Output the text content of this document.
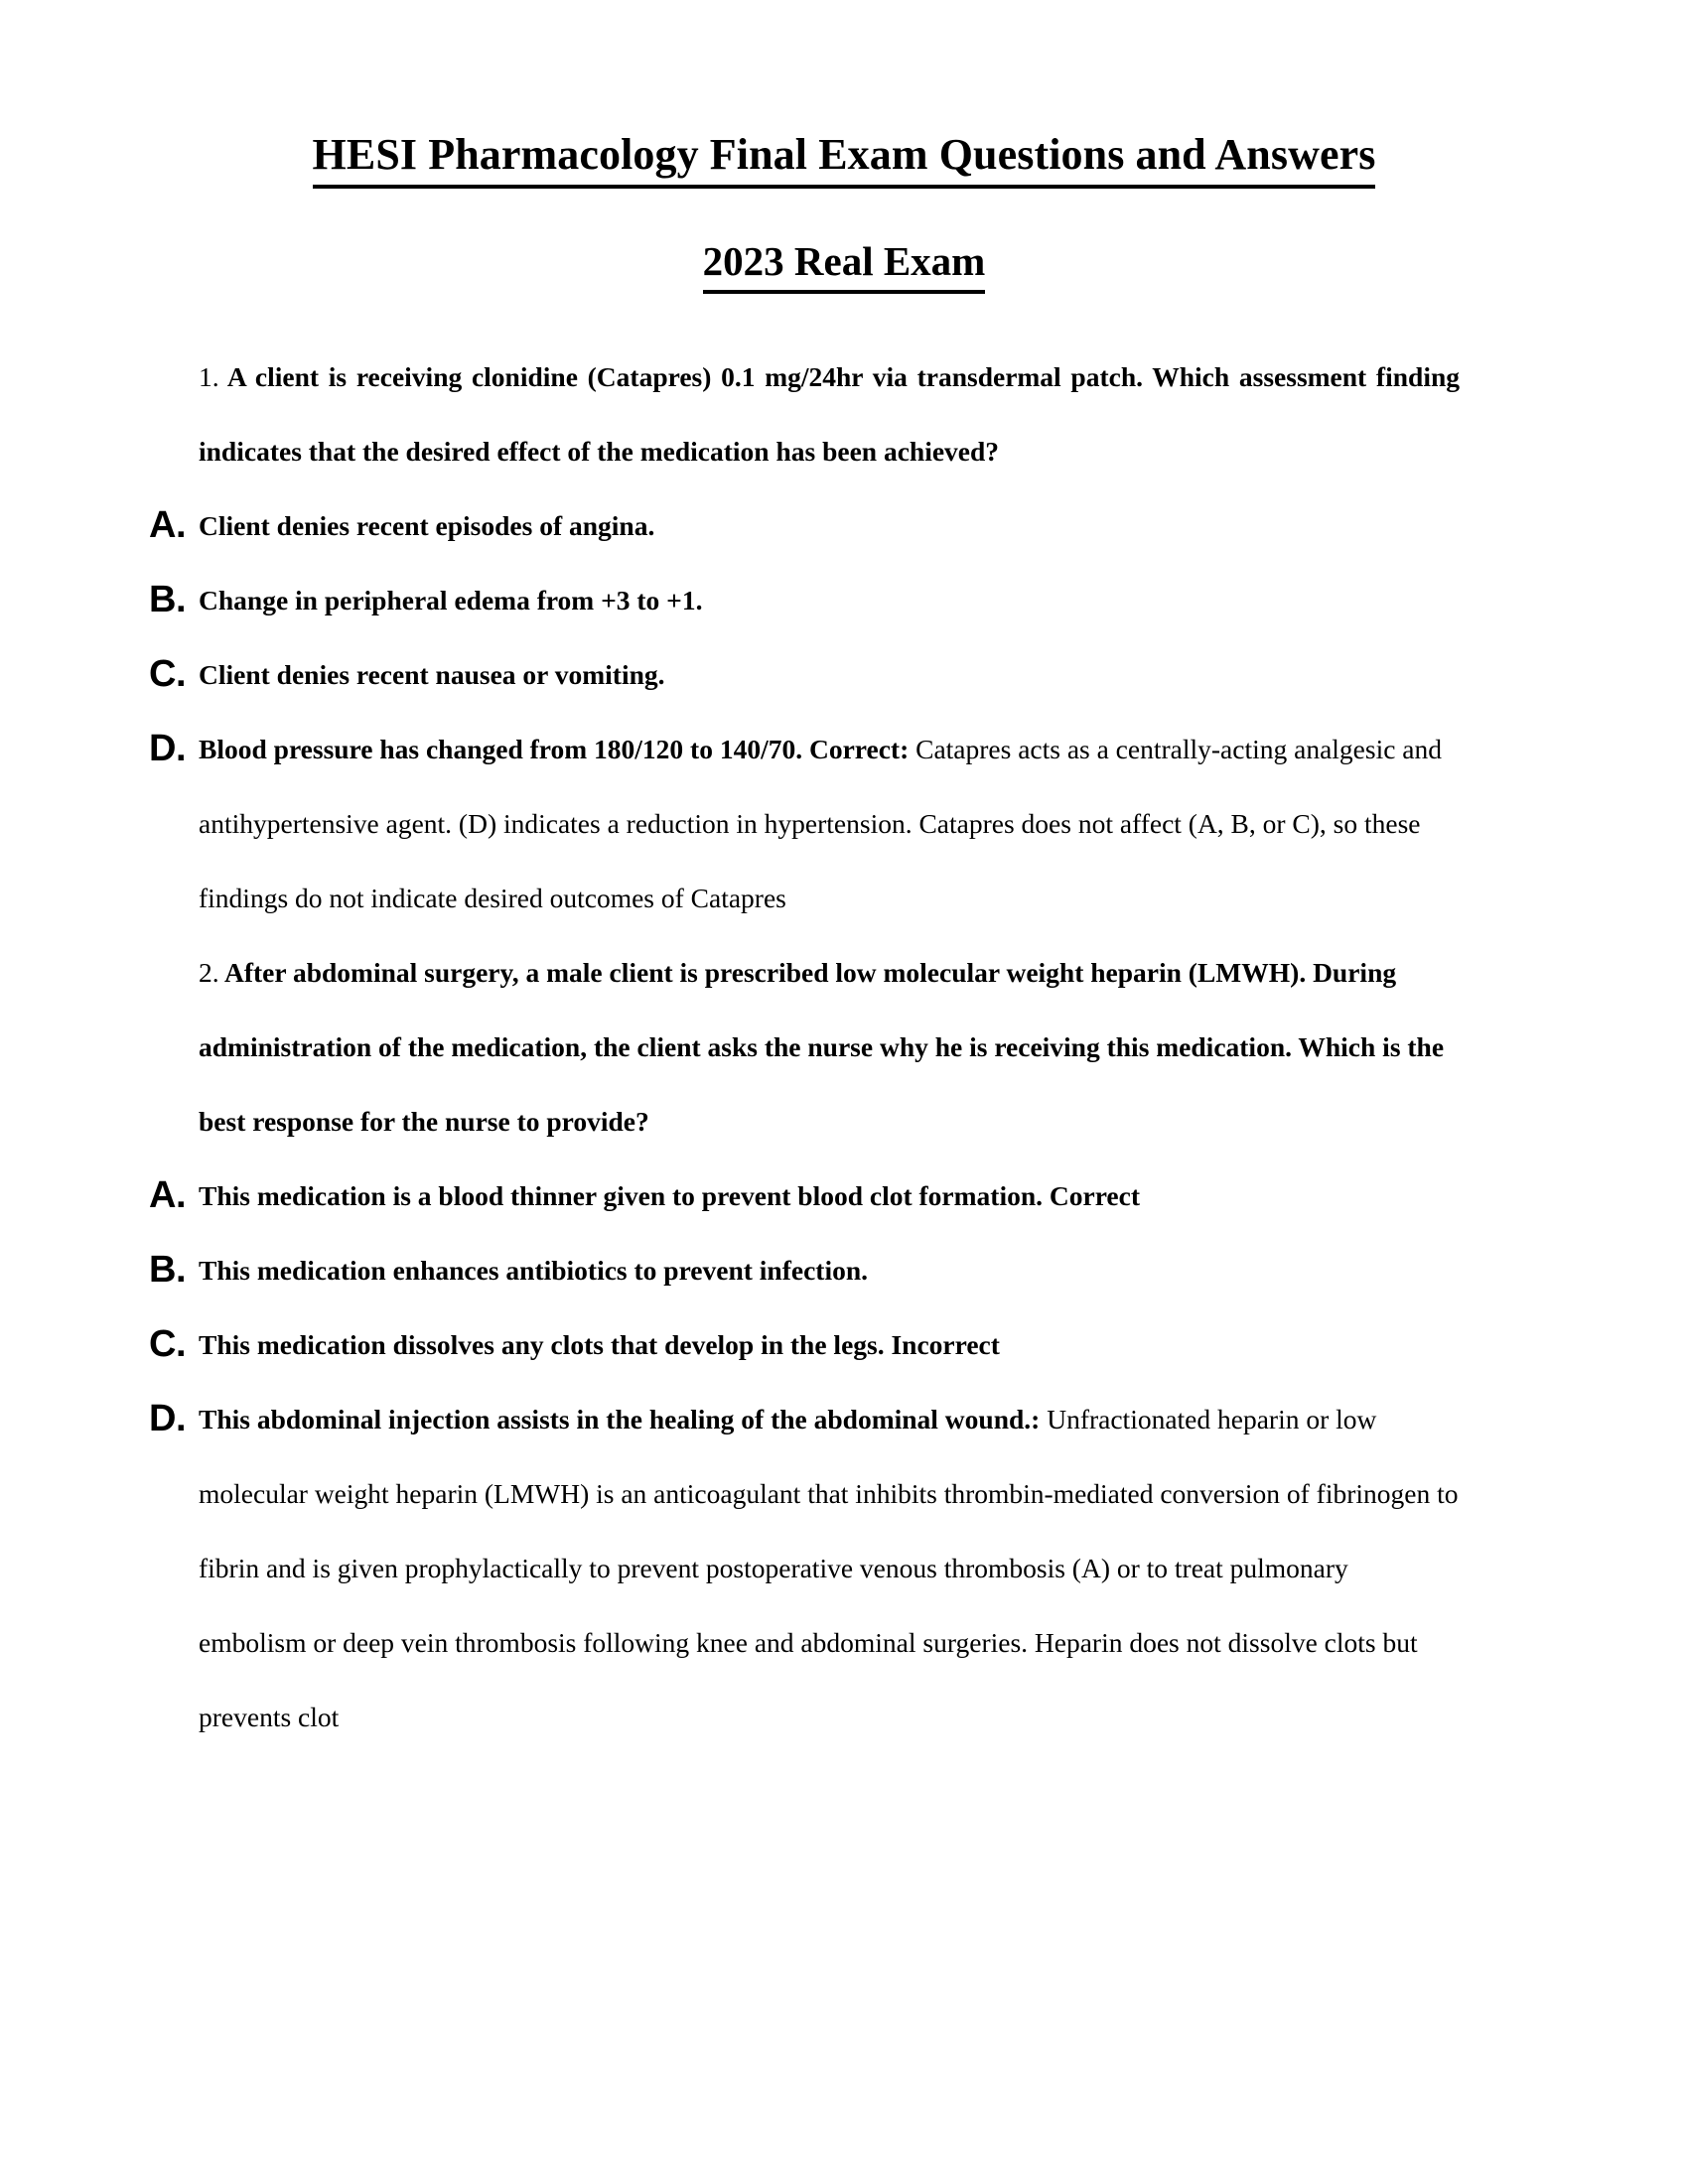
HESI Pharmacology Final Exam Questions and Answers
2023 Real Exam

1. A client is receiving clonidine (Catapres) 0.1 mg/24hr via transdermal patch. Which assessment finding indicates that the desired effect of the medication has been achieved?

A. Client denies recent episodes of angina.
B. Change in peripheral edema from +3 to +1.
C. Client denies recent nausea or vomiting.
D. Blood pressure has changed from 180/120 to 140/70. Correct: Catapres acts as a centrally-acting analgesic and antihypertensive agent. (D) indicates a reduction in hypertension. Catapres does not affect (A, B, or C), so these findings do not indicate desired outcomes of Catapres

2. After abdominal surgery, a male client is prescribed low molecular weight heparin (LMWH). During administration of the medication, the client asks the nurse why he is receiving this medication. Which is the best response for the nurse to provide?

A. This medication is a blood thinner given to prevent blood clot formation. Correct
B. This medication enhances antibiotics to prevent infection.
C. This medication dissolves any clots that develop in the legs. Incorrect
D. This abdominal injection assists in the healing of the abdominal wound.: Unfractionated heparin or low molecular weight heparin (LMWH) is an anticoagulant that inhibits thrombin-mediated conversion of fibrinogen to fibrin and is given prophylactically to prevent postoperative venous thrombosis (A) or to treat pulmonary embolism or deep vein thrombosis following knee and abdominal surgeries. Heparin does not dissolve clots but prevents clot
